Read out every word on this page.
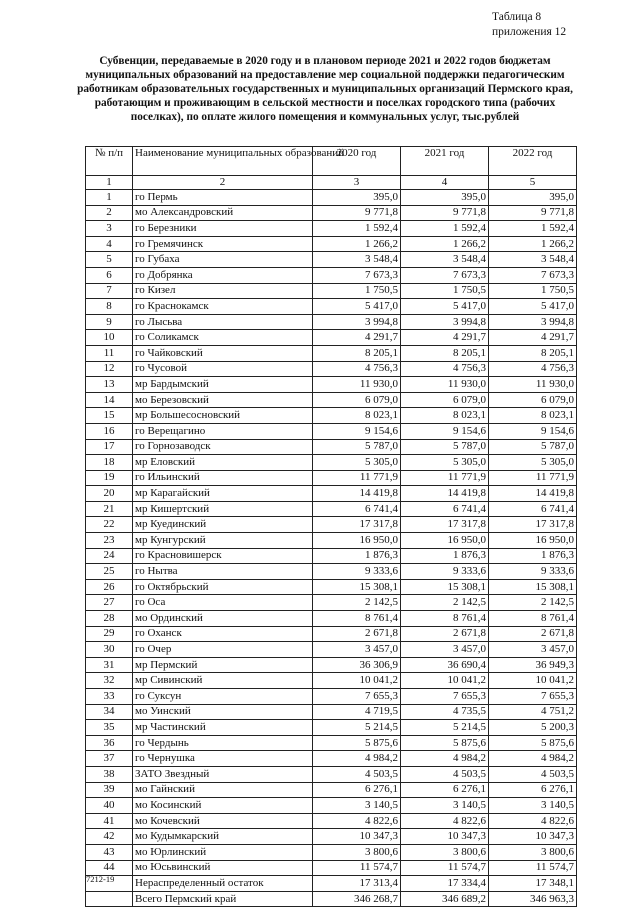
Таблица 8
приложения 12
Субвенции, передаваемые в 2020 году и в плановом периоде 2021 и 2022 годов бюджетам муниципальных образований на предоставление мер социальной поддержки педагогическим работникам образовательных государственных и муниципальных организаций Пермского края, работающим и проживающим в сельской местности и поселках городского типа (рабочих поселках), по оплате жилого помещения и коммунальных услуг, тыс.рублей
№ п/п	Наименование муниципальных образований	2020 год	2021 год	2022 год
1	2	3	4	5
1	го Пермь	395,0	395,0	395,0
2	мо Александровский	9 771,8	9 771,8	9 771,8
3	го Березники	1 592,4	1 592,4	1 592,4
4	го Гремячинск	1 266,2	1 266,2	1 266,2
5	го Губаха	3 548,4	3 548,4	3 548,4
6	го Добрянка	7 673,3	7 673,3	7 673,3
7	го Кизел	1 750,5	1 750,5	1 750,5
8	го Краснокамск	5 417,0	5 417,0	5 417,0
9	го Лысьва	3 994,8	3 994,8	3 994,8
10	го Соликамск	4 291,7	4 291,7	4 291,7
11	го Чайковский	8 205,1	8 205,1	8 205,1
12	го Чусовой	4 756,3	4 756,3	4 756,3
13	мр Бардымский	11 930,0	11 930,0	11 930,0
14	мо Березовский	6 079,0	6 079,0	6 079,0
15	мр Большесосновский	8 023,1	8 023,1	8 023,1
16	го Верещагино	9 154,6	9 154,6	9 154,6
17	го Горнозаводск	5 787,0	5 787,0	5 787,0
18	мр Еловский	5 305,0	5 305,0	5 305,0
19	го Ильинский	11 771,9	11 771,9	11 771,9
20	мр Карагайский	14 419,8	14 419,8	14 419,8
21	мр Кишертский	6 741,4	6 741,4	6 741,4
22	мр Куединский	17 317,8	17 317,8	17 317,8
23	мр Кунгурский	16 950,0	16 950,0	16 950,0
24	го Красновишерск	1 876,3	1 876,3	1 876,3
25	го Нытва	9 333,6	9 333,6	9 333,6
26	го Октябрьский	15 308,1	15 308,1	15 308,1
27	го Оса	2 142,5	2 142,5	2 142,5
28	мо Ординский	8 761,4	8 761,4	8 761,4
29	го Оханск	2 671,8	2 671,8	2 671,8
30	го Очер	3 457,0	3 457,0	3 457,0
31	мр Пермский	36 306,9	36 690,4	36 949,3
32	мр Сивинский	10 041,2	10 041,2	10 041,2
33	го Суксун	7 655,3	7 655,3	7 655,3
34	мо Уинский	4 719,5	4 735,5	4 751,2
35	мр Частинский	5 214,5	5 214,5	5 200,3
36	го Чердынь	5 875,6	5 875,6	5 875,6
37	го Чернушка	4 984,2	4 984,2	4 984,2
38	ЗАТО Звездный	4 503,5	4 503,5	4 503,5
39	мо Гайнский	6 276,1	6 276,1	6 276,1
40	мо Косинский	3 140,5	3 140,5	3 140,5
41	мо Кочевский	4 822,6	4 822,6	4 822,6
42	мо Кудымкарский	10 347,3	10 347,3	10 347,3
43	мо Юрлинский	3 800,6	3 800,6	3 800,6
44	мо Юсьвинский	11 574,7	11 574,7	11 574,7
	Нераспределенный остаток	17 313,4	17 334,4	17 348,1
	Всего Пермский край	346 268,7	346 689,2	346 963,3
7212-19
